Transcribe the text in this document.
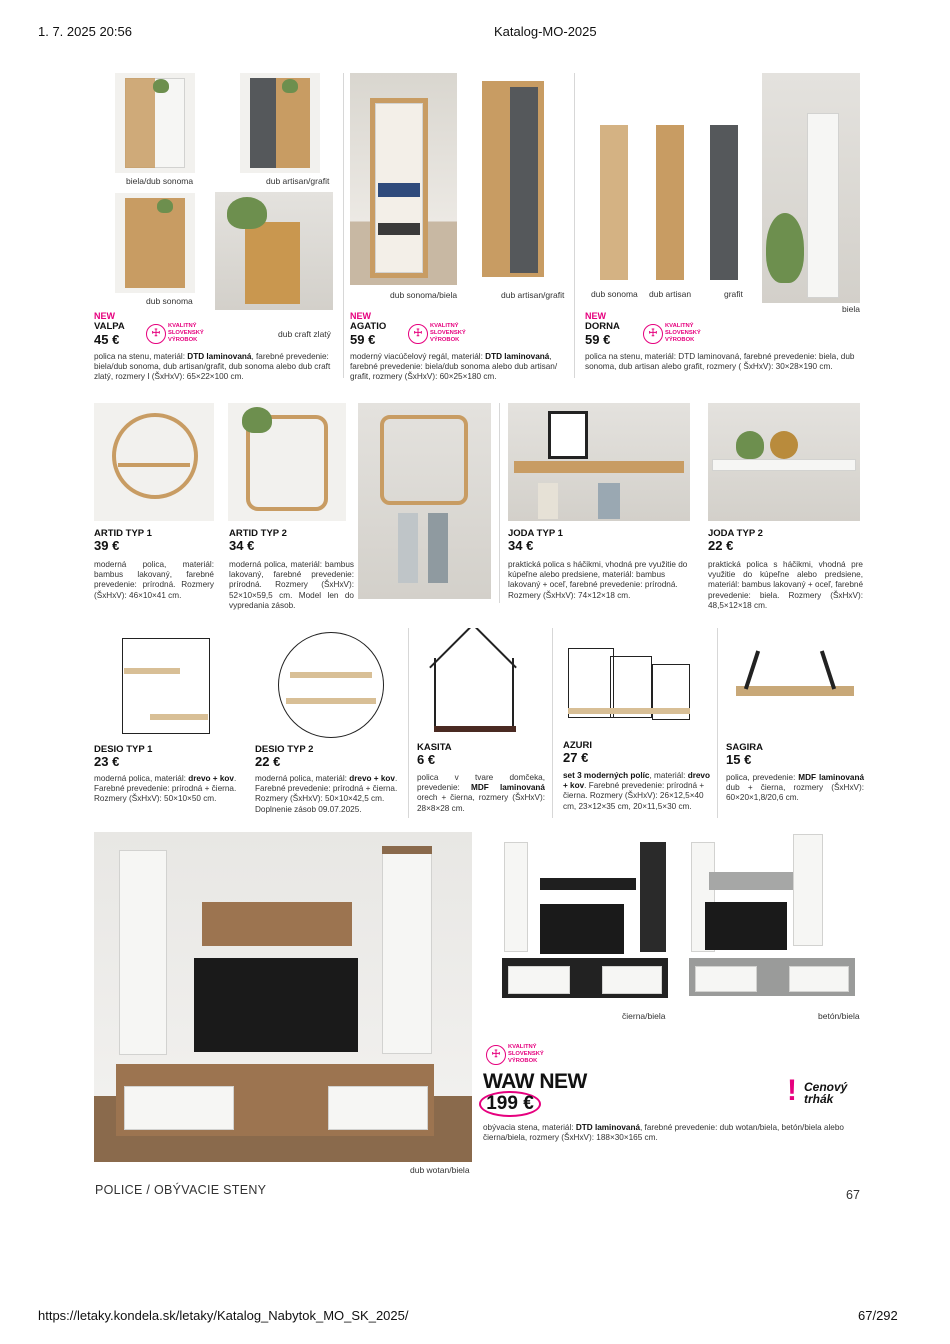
1. 7. 2025 20:56	Katalog-MO-2025
biela/dub sonoma	dub artisan/grafit
dub sonoma
dub craft zlatý
NEW
VALPA
45 €	☩
KVALITNÝ
SLOVENSKÝ
VÝROBOK
polica na stenu, materiál: DTD laminovaná, farebné prevedenie: biela/dub sonoma, dub artisan/grafit, dub sonoma alebo dub craft zlatý, rozmery I (ŠxHxV): 65×22×100 cm.
dub sonoma/biela	dub artisan/grafit
NEW
AGATIO
59 €	☩
KVALITNÝ
SLOVENSKÝ
VÝROBOK
moderný viacúčelový regál, materiál: DTD laminovaná, farebné prevedenie: biela/dub sonoma alebo dub artisan/ grafit, rozmery (ŠxHxV): 60×25×180 cm.
dub sonoma dub artisan	grafit
biela
NEW
DORNA
59 €	☩
KVALITNÝ
SLOVENSKÝ
VÝROBOK
polica na stenu, materiál: DTD laminovaná, farebné prevedenie: biela, dub sonoma, dub artisan alebo grafit, rozmery ( ŠxHxV): 30×28×190 cm.
ARTID TYP 1
39 €
moderná polica, materiál: bambus lakovaný, farebné prevedenie: prírodná. Rozmery (ŠxHxV): 46×10×41 cm.
ARTID TYP 2
34 €
moderná polica, materiál: bambus lakovaný, farebné prevedenie: prírodná. Rozmery (ŠxHxV): 52×10×59,5 cm. Model len do vypredania zásob.
JODA TYP 1
34 €
praktická polica s háčikmi, vhodná pre využitie do kúpeľne alebo predsiene, materiál: bambus lakovaný + oceľ, farebné prevedenie: prírodná. Rozmery (ŠxHxV): 74×12×18 cm.
JODA TYP 2
22 €
praktická polica s háčikmi, vhodná pre využitie do kúpeľne alebo predsiene, materiál: bambus lakovaný + oceľ, farebné prevedenie: biela. Rozmery (ŠxHxV): 48,5×12×18 cm.
DESIO TYP 1
23 €
moderná polica, materiál: drevo + kov. Farebné prevedenie: prírodná + čierna. Rozmery (ŠxHxV): 50×10×50 cm.
DESIO TYP 2
22 €
moderná polica, materiál: drevo + kov. Farebné prevedenie: prírodná + čierna. Rozmery (ŠxHxV): 50×10×42,5 cm. Doplnenie zásob 09.07.2025.
KASITA
6 €
polica v tvare domčeka, prevedenie: MDF laminovaná orech + čierna, rozmery (ŠxHxV): 28×8×28 cm.
AZURI
27 €
set 3 moderných políc, materiál: drevo + kov. Farebné prevedenie: prírodná + čierna. Rozmery (ŠxHxV): 26×12,5×40 cm, 23×12×35 cm, 20×11,5×30 cm.
SAGIRA
15 €
polica, prevedenie: MDF laminovaná dub + čierna, rozmery (ŠxHxV): 60×20×1,8/20,6 cm.
dub wotan/biela
čierna/biela	betón/biela
☩
KVALITNÝ
SLOVENSKÝ
VÝROBOK
WAW NEW
199 €	! Cenový
trhák
obývacia stena, materiál: DTD laminovaná, farebné prevedenie: dub wotan/biela, betón/biela alebo čierna/biela, rozmery (ŠxHxV): 188×30×165 cm.
POLICE / OBÝVACIE STENY	67
https://letaky.kondela.sk/letaky/Katalog_Nabytok_MO_SK_2025/	67/292
